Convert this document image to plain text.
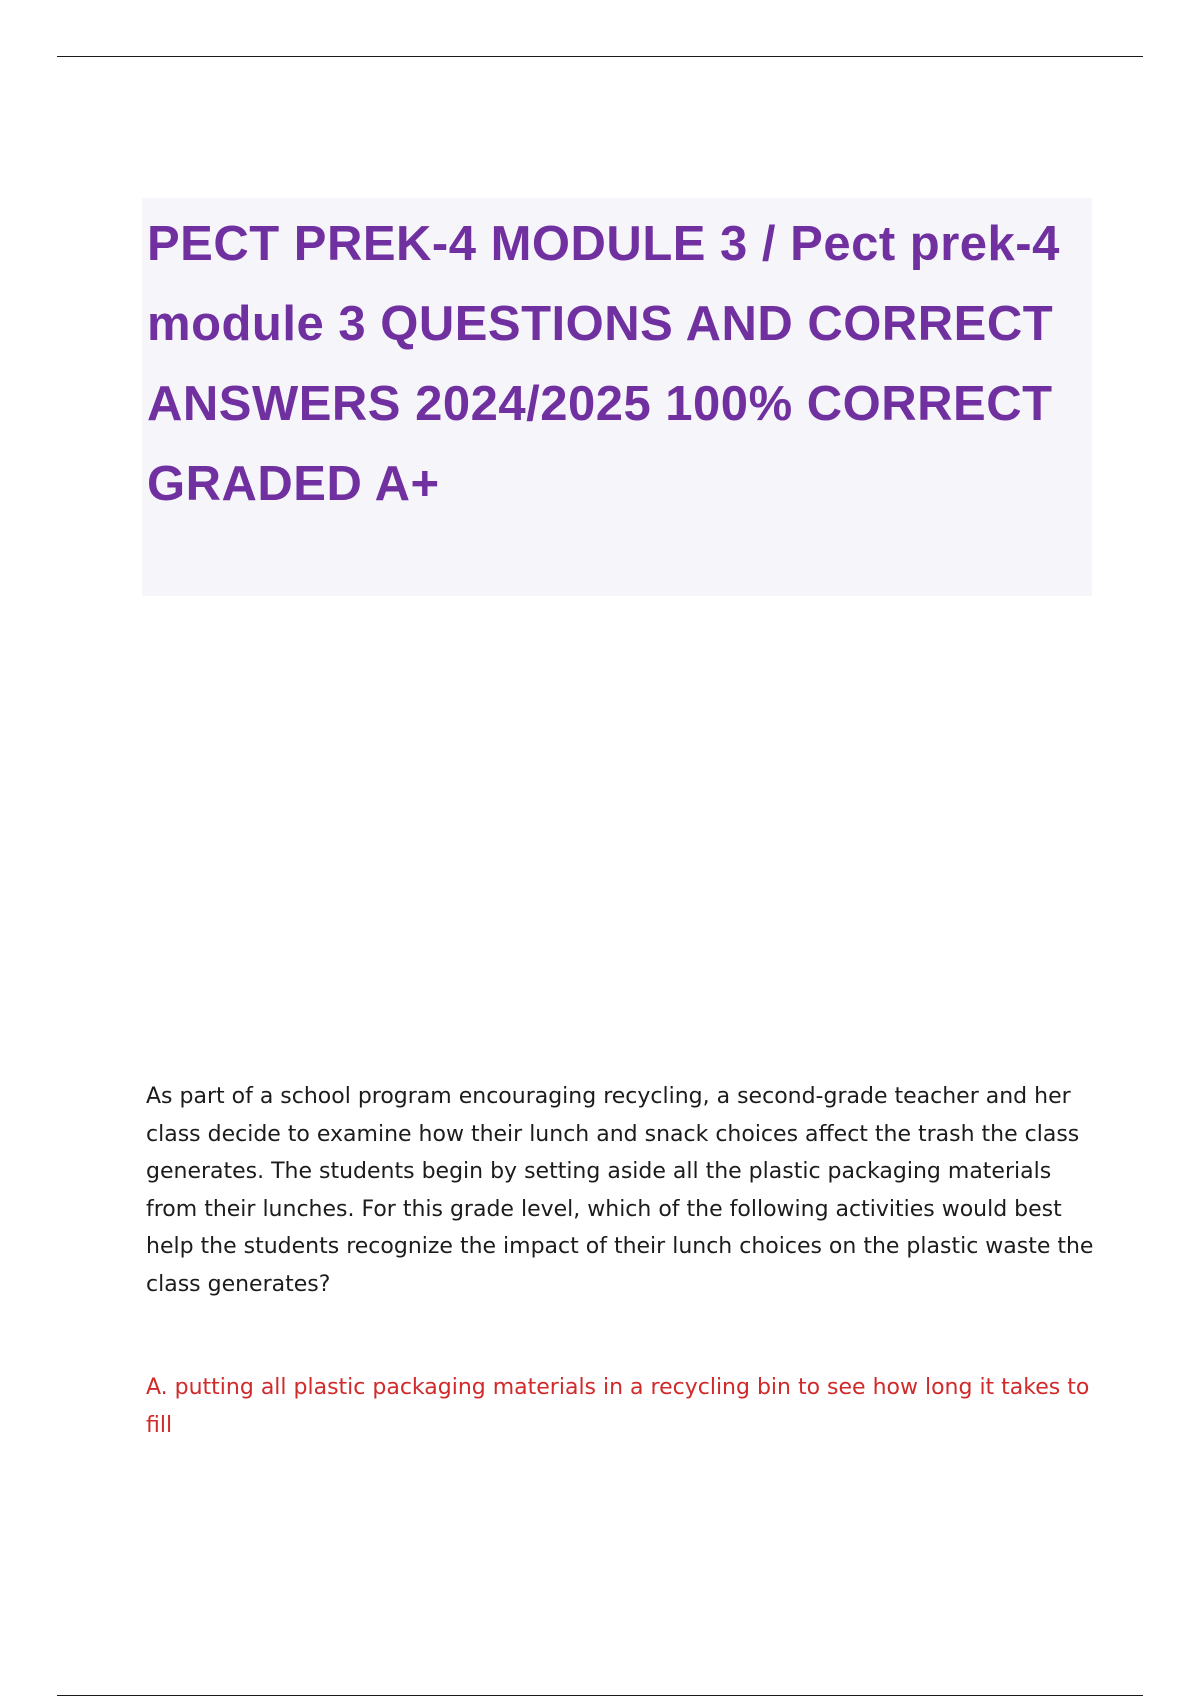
PECT PREK-4 MODULE 3 / Pect prek-4 module 3 QUESTIONS AND CORRECT ANSWERS 2024/2025 100% CORRECT GRADED A+

As part of a school program encouraging recycling, a second-grade teacher and her class decide to examine how their lunch and snack choices affect the trash the class generates. The students begin by setting aside all the plastic packaging materials from their lunches. For this grade level, which of the following activities would best help the students recognize the impact of their lunch choices on the plastic waste the class generates?

A. putting all plastic packaging materials in a recycling bin to see how long it takes to fill
